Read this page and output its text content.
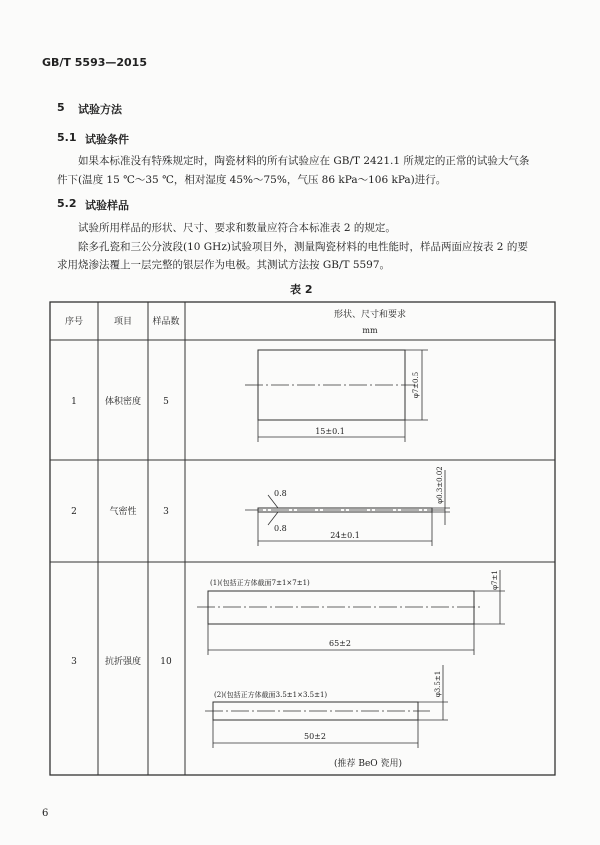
GB/T 5593—2015
5 试验方法
5.1 试验条件
如果本标准没有特殊规定时，陶瓷材料的所有试验应在 GB/T 2421.1 所规定的正常的试验大气条
件下(温度 15 ℃～35 ℃，相对湿度 45%～75%，气压 86 kPa～106 kPa)进行。
5.2 试验样品
试验所用样品的形状、尺寸、要求和数量应符合本标准表 2 的规定。
除多孔瓷和三公分波段(10 GHz)试验项目外，测量陶瓷材料的电性能时，样品两面应按表 2 的要
求用烧渗法覆上一层完整的银层作为电极。其测试方法按 GB/T 5597。
表 2
序号	项目 样品数
形状、尺寸和要求
mm
1	体积密度 5
2	气密性	3
3	抗折强度 10
15±0.1
φ7±0.5
0.8
0.8
φ0.3±0.02
24±0.1
(1)(包括正方体截面7±1×7±1)	φ7±1
65±2
(2)(包括正方体截面3.5±1×3.5±1)	φ3.5±1
50±2
(推荐 BeO 瓷用)
6
